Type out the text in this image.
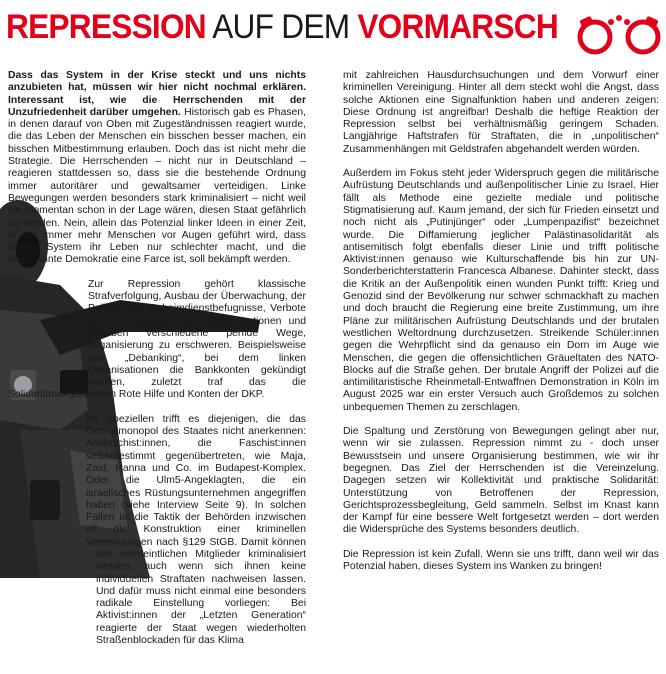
REPRESSION AUF DEM VORMARSCH

Dass das System in der Krise steckt und uns nichts anzubieten hat, müssen wir hier nicht nochmal erklären. Interessant ist, wie die Herrschenden mit der Unzufriedenheit darüber umgehen. Historisch gab es Phasen, in denen darauf von Oben mit Zugeständnissen reagiert wurde, die das Leben der Menschen ein bisschen besser machen, ein bisschen Mitbestimmung erlauben. Doch das ist nicht mehr die Strategie. Die Herrschenden – nicht nur in Deutschland – reagieren stattdessen so, dass sie die bestehende Ordnung immer autoritärer und gewaltsamer verteidigen. Linke Bewegungen werden besonders stark kriminalisiert – nicht weil sie momentan schon in der Lage wären, diesen Staat gefährlich zu werden. Nein, allein das Potenzial linker Ideen in einer Zeit, in der immer mehr Menschen vor Augen geführt wird, dass dieses System ihr Leben nur schlechter macht, und die sogenannte Demokratie eine Farce ist, soll bekämpft werden.

Zur Repression gehört klassische Strafverfolgung, Ausbau der Überwachung, der Polizei- und Geheimdienstbefugnisse, Verbote und Polizeigewalt auf Demonstrationen und daneben verschiedene perfide Wege, Organisierung zu erschweren. Beispielsweise das „Debanking“, bei dem linken Organisationen die Bankkonten gekündigt werden, zuletzt traf das die Solidaritätsorganisation Rote Hilfe und Konten der DKP.

Im Speziellen trifft es diejenigen, die das Gewaltmonopol des Staates nicht anerkennen: Antifaschist:innen, die Faschist:innen selbstbestimmt gegenübertreten, wie Maja, Zaid, Hanna und Co. im Budapest-Komplex. Oder die Ulm5-Angeklagten, die ein israelisches Rüstungsunternehmen angegriffen haben (siehe Interview Seite 9). In solchen Fällen ist die Taktik der Behörden inzwischen oft die Konstruktion einer kriminellen Vereinigungen nach §129 StGB. Damit können alle vermeintlichen Mitglieder kriminalisiert werden, auch wenn sich ihnen keine individuellen Straftaten nachweisen lassen. Und dafür muss nicht einmal eine besonders radikale Einstellung vorliegen: Bei Aktivist:innen der „Letzten Generation“ reagierte der Staat wegen wiederholten Straßenblockaden für das Klima

mit zahlreichen Hausdurchsuchungen und dem Vorwurf einer kriminellen Vereinigung. Hinter all dem steckt wohl die Angst, dass solche Aktionen eine Signalfunktion haben und anderen zeigen: Diese Ordnung ist angreifbar! Deshalb die heftige Reaktion der Repression selbst bei verhältnismäßig geringem Schaden. Langjährige Haftstrafen für Straftaten, die in „unpolitischen“ Zusammenhängen mit Geldstrafen abgehandelt werden würden.

Außerdem im Fokus steht jeder Widerspruch gegen die militärische Aufrüstung Deutschlands und außenpolitischer Linie zu Israel. Hier fällt als Methode eine gezielte mediale und politische Stigmatisierung auf. Kaum jemand, der sich für Frieden einsetzt und noch nicht als „Putinjünger“ oder „Lumpenpazifist“ bezeichnet wurde. Die Diffamierung jeglicher Palästinasolidarität als antisemitisch folgt ebenfalls dieser Linie und trifft politische Aktivist:innen genauso wie Kulturschaffende bis hin zur UN-Sonderberichterstatterin Francesca Albanese. Dahinter steckt, dass die Kritik an der Außenpolitik einen wunden Punkt trifft: Krieg und Genozid sind der Bevölkerung nur schwer schmackhaft zu machen und doch braucht die Regierung eine breite Zustimmung, um ihre Pläne zur militärischen Aufrüstung Deutschlands und der brutalen westlichen Weltordnung durchzusetzen. Streikende Schüler:innen gegen die Wehrpflicht sind da genauso ein Dorn im Auge wie Menschen, die gegen die offensichtlichen Gräueltaten des NATO-Blocks auf die Straße gehen. Der brutale Angriff der Polizei auf die antimilitaristische Rheinmetall-Entwaffnen Demonstration in Köln im August 2025 war ein erster Versuch auch Großdemos zu solchen unbequemen Themen zu zerschlagen.

Die Spaltung und Zerstörung von Bewegungen gelingt aber nur, wenn wir sie zulassen. Repression nimmt zu - doch unser Bewusstsein und unsere Organisierung bestimmen, wie wir ihr begegnen. Das Ziel der Herrschenden ist die Vereinzelung. Dagegen setzen wir Kollektivität und praktische Solidarität: Unterstützung von Betroffenen der Repression, Gerichtsprozessbegleitung, Geld sammeln. Selbst im Knast kann der Kampf für eine bessere Welt fortgesetzt werden – dort werden die Widersprüche des Systems besonders deutlich.

Die Repression ist kein Zufall. Wenn sie uns trifft, dann weil wir das Potenzial haben, dieses System ins Wanken zu bringen!
